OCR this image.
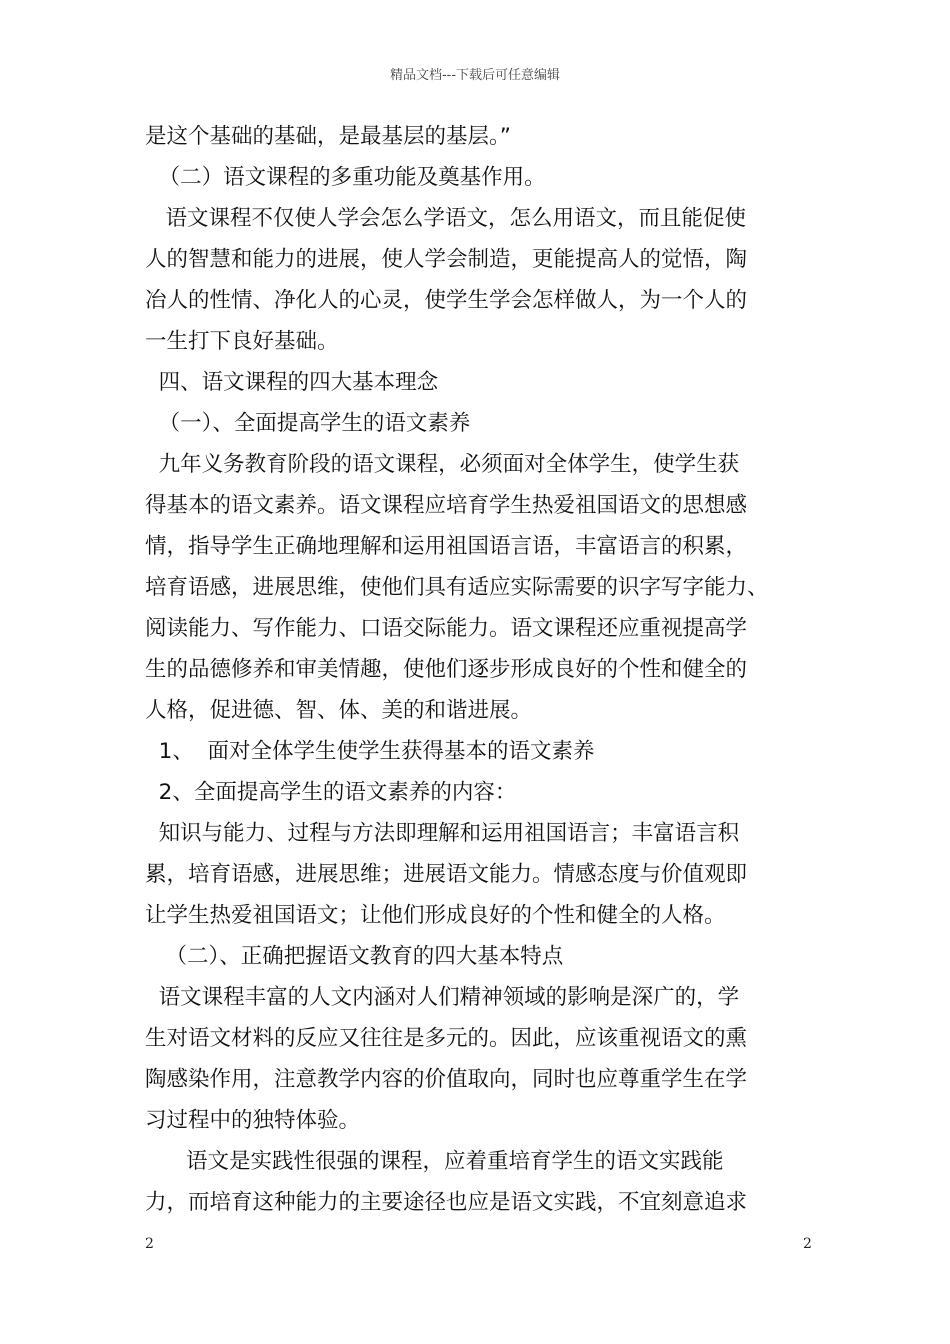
精品文档---下载后可任意编辑
是这个基础的基础，是最基层的基层。”
（二）语文课程的多重功能及奠基作用。
语文课程不仅使人学会怎么学语文，怎么用语文，而且能促使
人的智慧和能力的进展，使人学会制造，更能提高人的觉悟，陶
冶人的性情、净化人的心灵，使学生学会怎样做人，为一个人的
一生打下良好基础。
四、语文课程的四大基本理念
（一）、全面提高学生的语文素养
九年义务教育阶段的语文课程，必须面对全体学生，使学生获
得基本的语文素养。语文课程应培育学生热爱祖国语文的思想感
情，指导学生正确地理解和运用祖国语言语，丰富语言的积累，
培育语感，进展思维，使他们具有适应实际需要的识字写字能力、
阅读能力、写作能力、口语交际能力。语文课程还应重视提高学
生的品德修养和审美情趣，使他们逐步形成良好的个性和健全的
人格，促进德、智、体、美的和谐进展。
1、  面对全体学生使学生获得基本的语文素养
2、全面提高学生的语文素养的内容：
知识与能力、过程与方法即理解和运用祖国语言；丰富语言积
累，培育语感，进展思维；进展语文能力。情感态度与价值观即
让学生热爱祖国语文；让他们形成良好的个性和健全的人格。
（二）、正确把握语文教育的四大基本特点
语文课程丰富的人文内涵对人们精神领域的影响是深广的，学
生对语文材料的反应又往往是多元的。因此，应该重视语文的熏
陶感染作用，注意教学内容的价值取向，同时也应尊重学生在学
习过程中的独特体验。
语文是实践性很强的课程，应着重培育学生的语文实践能
力，而培育这种能力的主要途径也应是语文实践，不宜刻意追求
2	2
